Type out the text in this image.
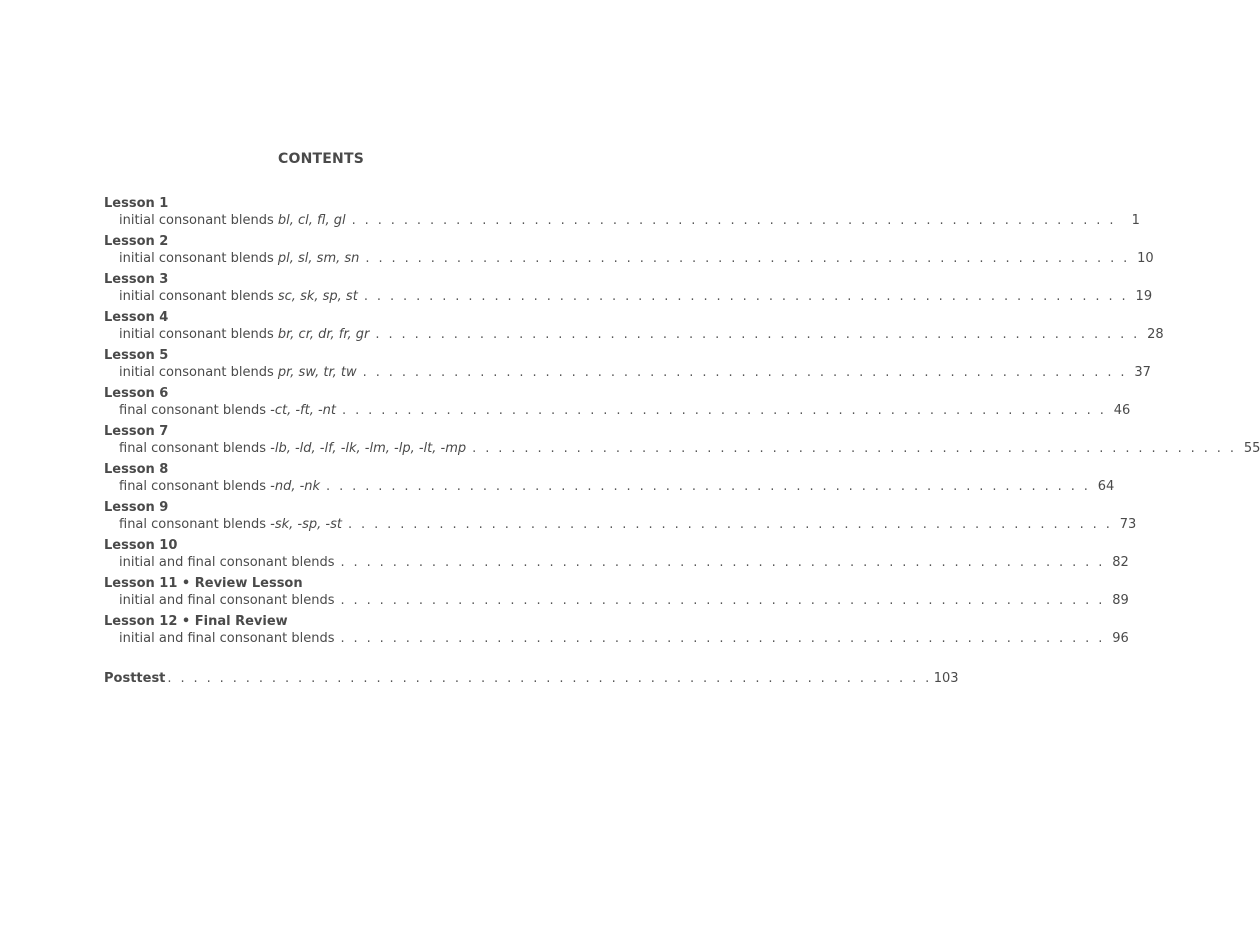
CONTENTS
Lesson 1
initial consonant blends bl, cl, fl, gl . . . . . . . . . . . . . . . . . . . . . . . . . . . . . . . . . . . . . . . . . . . . . . . . . . . . . . . . . . .	1
Lesson 2
initial consonant blends pl, sl, sm, sn . . . . . . . . . . . . . . . . . . . . . . . . . . . . . . . . . . . . . . . . . . . . . . . . . . . . . . . . . . . 10
Lesson 3
initial consonant blends sc, sk, sp, st . . . . . . . . . . . . . . . . . . . . . . . . . . . . . . . . . . . . . . . . . . . . . . . . . . . . . . . . . . . 19
Lesson 4
initial consonant blends br, cr, dr, fr, gr . . . . . . . . . . . . . . . . . . . . . . . . . . . . . . . . . . . . . . . . . . . . . . . . . . . . . . . . . . . 28
Lesson 5
initial consonant blends pr, sw, tr, tw . . . . . . . . . . . . . . . . . . . . . . . . . . . . . . . . . . . . . . . . . . . . . . . . . . . . . . . . . . . 37
Lesson 6
final consonant blends -ct, -ft, -nt . . . . . . . . . . . . . . . . . . . . . . . . . . . . . . . . . . . . . . . . . . . . . . . . . . . . . . . . . . . 46
Lesson 7
final consonant blends -lb, -ld, -lf, -lk, -lm, -lp, -lt, -mp . . . . . . . . . . . . . . . . . . . . . . . . . . . . . . . . . . . . . . . . . . . . . . . . . . . . . . . . . . . 55
Lesson 8
final consonant blends -nd, -nk . . . . . . . . . . . . . . . . . . . . . . . . . . . . . . . . . . . . . . . . . . . . . . . . . . . . . . . . . . . 64
Lesson 9
final consonant blends -sk, -sp, -st . . . . . . . . . . . . . . . . . . . . . . . . . . . . . . . . . . . . . . . . . . . . . . . . . . . . . . . . . . . 73
Lesson 10
initial and final consonant blends . . . . . . . . . . . . . . . . . . . . . . . . . . . . . . . . . . . . . . . . . . . . . . . . . . . . . . . . . . . 82
Lesson 11 • Review Lesson
initial and final consonant blends . . . . . . . . . . . . . . . . . . . . . . . . . . . . . . . . . . . . . . . . . . . . . . . . . . . . . . . . . . . 89
Lesson 12 • Final Review
initial and final consonant blends . . . . . . . . . . . . . . . . . . . . . . . . . . . . . . . . . . . . . . . . . . . . . . . . . . . . . . . . . . . 96
Posttest . . . . . . . . . . . . . . . . . . . . . . . . . . . . . . . . . . . . . . . . . . . . . . . . . . . . . . . . . . . 103
